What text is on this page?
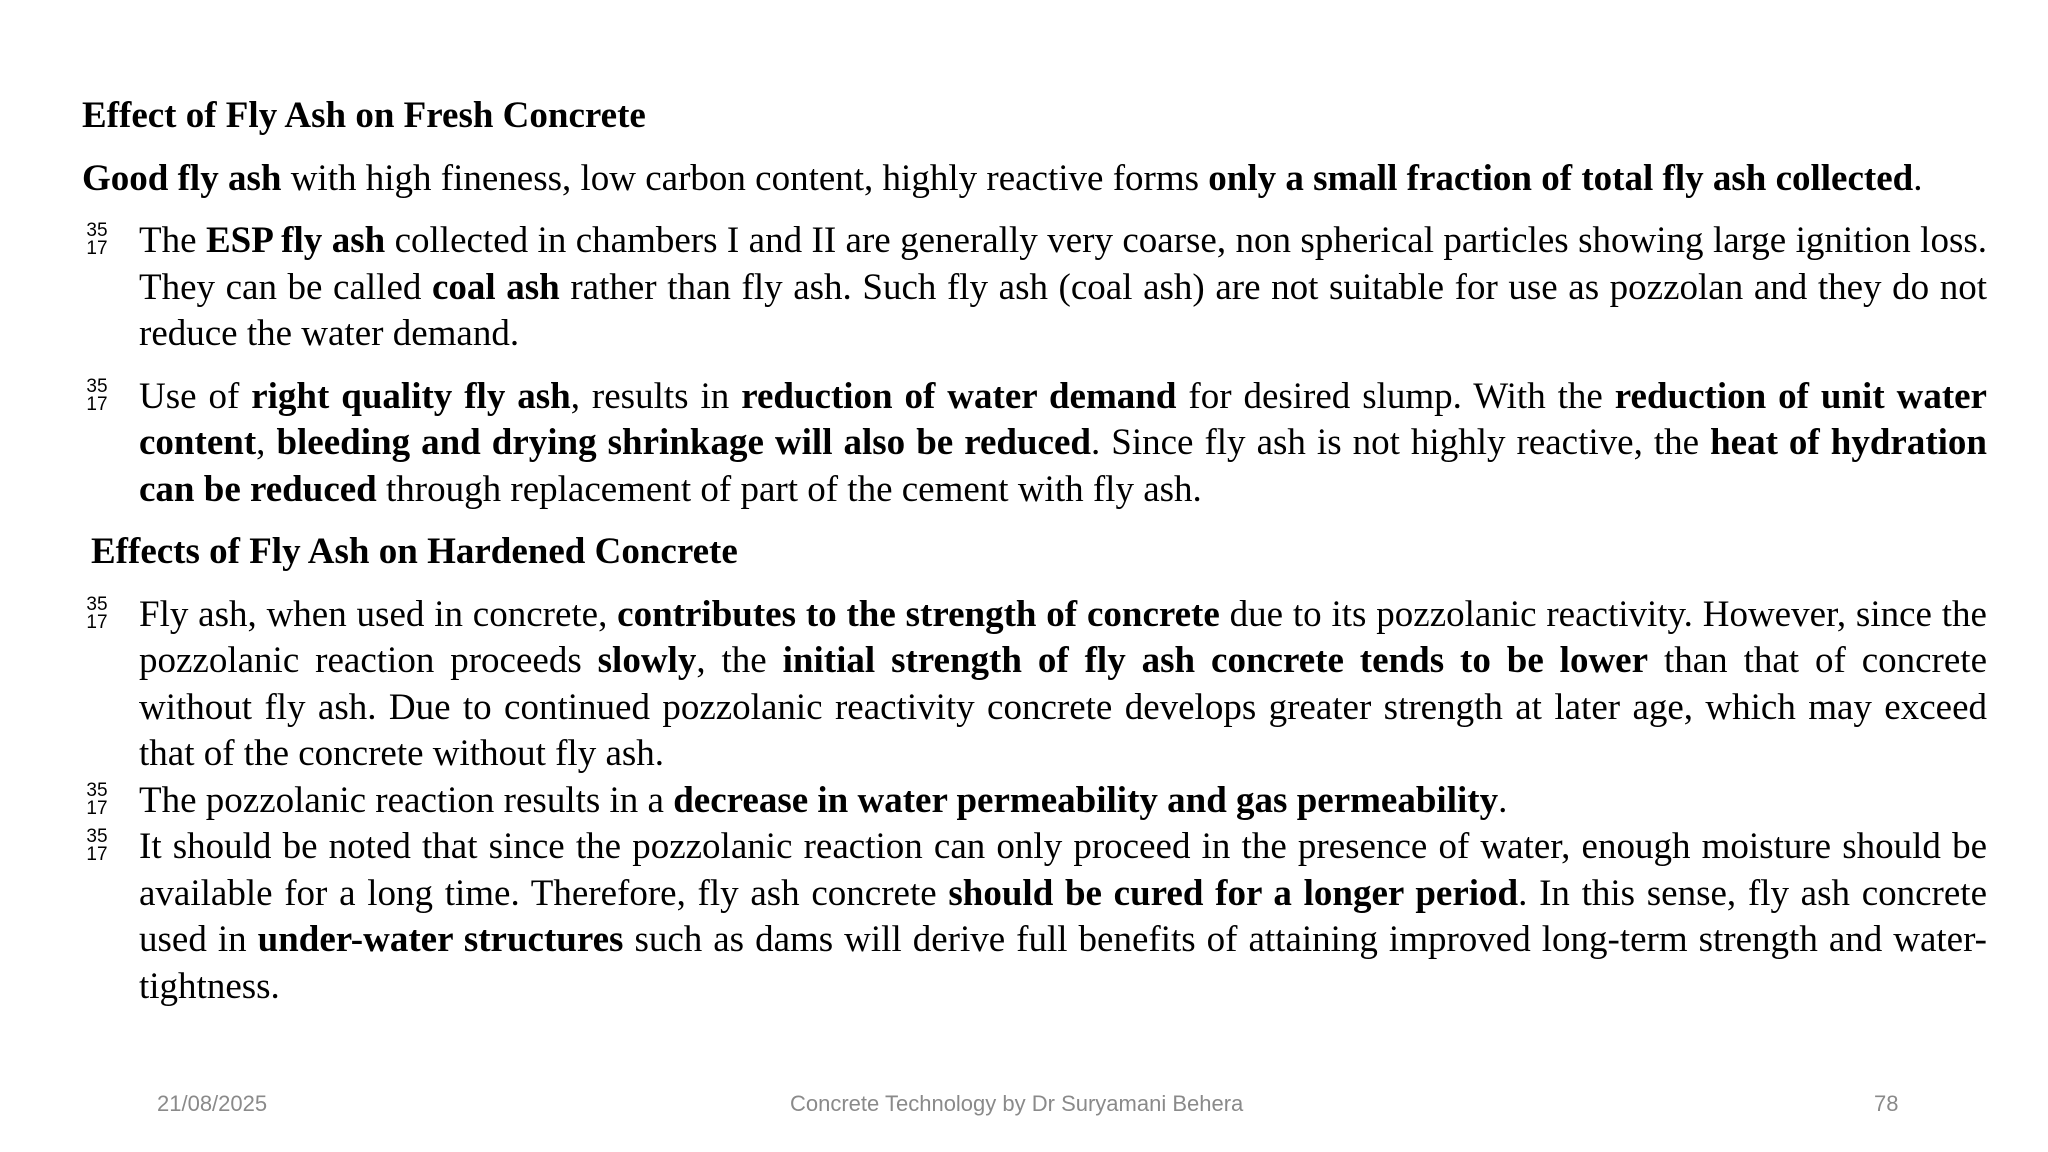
Effect of Fly Ash on Fresh Concrete
Good fly ash with high fineness, low carbon content, highly reactive forms only a small fraction of total fly ash collected.
35
17 The ESP fly ash collected in chambers I and II are generally very coarse, non spherical particles showing large ignition loss. They can be called coal ash rather than fly ash. Such fly ash (coal ash) are not suitable for use as pozzolan and they do not reduce the water demand.
35
17 Use of right quality fly ash, results in reduction of water demand for desired slump. With the reduction of unit water content, bleeding and drying shrinkage will also be reduced. Since fly ash is not highly reactive, the heat of hydration can be reduced through replacement of part of the cement with fly ash.
Effects of Fly Ash on Hardened Concrete
35
17 Fly ash, when used in concrete, contributes to the strength of concrete due to its pozzolanic reactivity. However, since the pozzolanic reaction proceeds slowly, the initial strength of fly ash concrete tends to be lower than that of concrete without fly ash. Due to continued pozzolanic reactivity concrete develops greater strength at later age, which may exceed that of the concrete without fly ash.
35
17 The pozzolanic reaction results in a decrease in water permeability and gas permeability.
35
17 It should be noted that since the pozzolanic reaction can only proceed in the presence of water, enough moisture should be available for a long time. Therefore, fly ash concrete should be cured for a longer period. In this sense, fly ash concrete used in under-water structures such as dams will derive full benefits of attaining improved long-term strength and water-tightness.
21/08/2025	Concrete Technology by Dr Suryamani Behera	78
